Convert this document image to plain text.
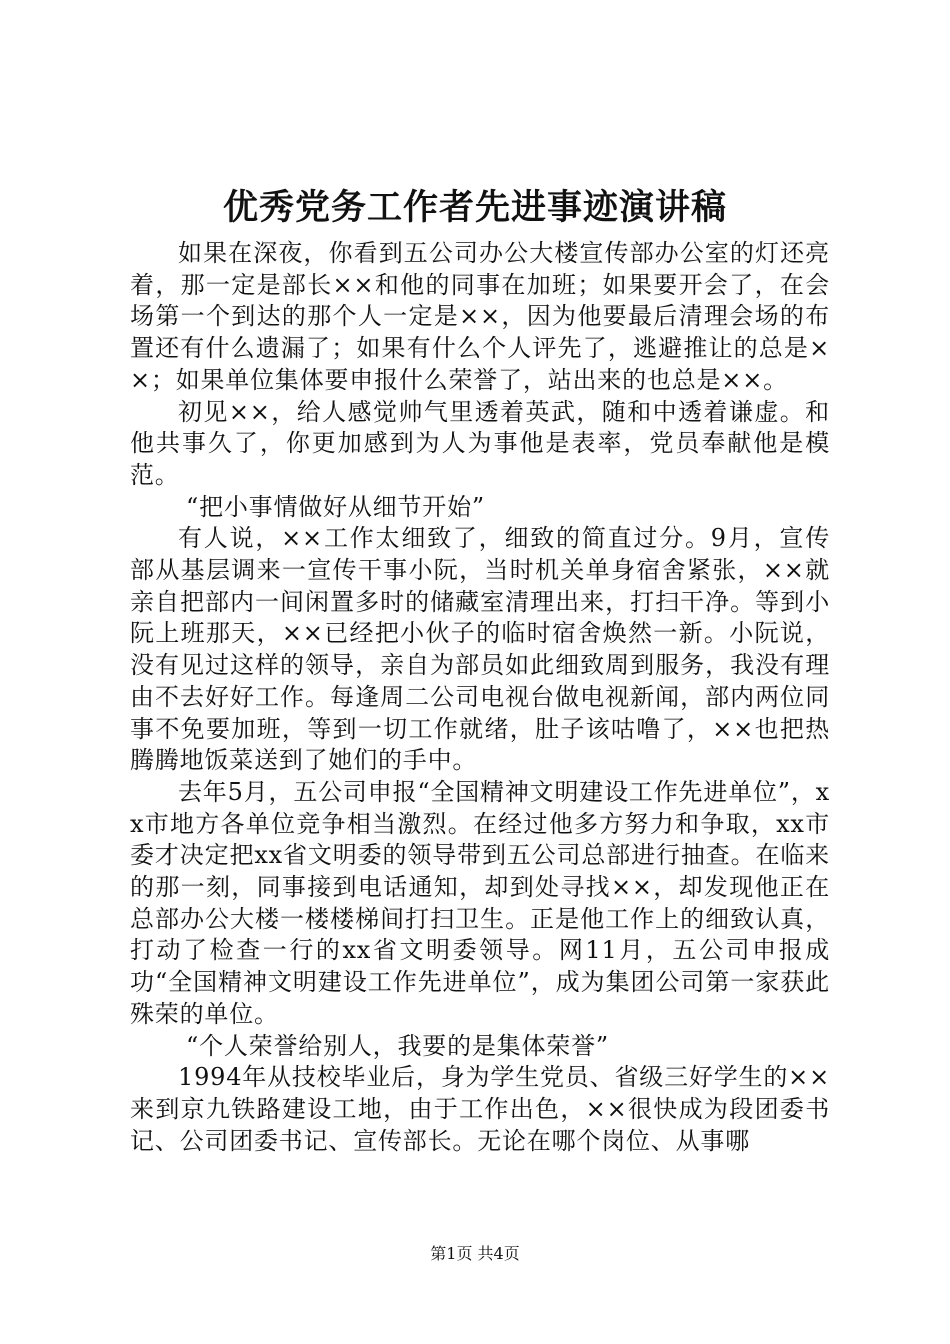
优秀党务工作者先进事迹演讲稿

如果在深夜，你看到五公司办公大楼宣传部办公室的灯还亮着，那一定是部长××和他的同事在加班；如果要开会了，在会场第一个到达的那个人一定是××，因为他要最后清理会场的布置还有什么遗漏了；如果有什么个人评先了，逃避推让的总是××；如果单位集体要申报什么荣誉了，站出来的也总是××。

初见××，给人感觉帅气里透着英武，随和中透着谦虚。和他共事久了，你更加感到为人为事他是表率，党员奉献他是模范。

“把小事情做好从细节开始”

有人说，××工作太细致了，细致的简直过分。9月，宣传部从基层调来一宣传干事小阮，当时机关单身宿舍紧张，××就亲自把部内一间闲置多时的储藏室清理出来，打扫干净。等到小阮上班那天，××已经把小伙子的临时宿舍焕然一新。小阮说，没有见过这样的领导，亲自为部员如此细致周到服务，我没有理由不去好好工作。每逢周二公司电视台做电视新闻，部内两位同事不免要加班，等到一切工作就绪，肚子该咕噜了，××也把热腾腾地饭菜送到了她们的手中。

去年5月，五公司申报“全国精神文明建设工作先进单位”，xx市地方各单位竞争相当激烈。在经过他多方努力和争取，xx市委才决定把xx省文明委的领导带到五公司总部进行抽查。在临来的那一刻，同事接到电话通知，却到处寻找××，却发现他正在总部办公大楼一楼楼梯间打扫卫生。正是他工作上的细致认真，打动了检查一行的xx省文明委领导。网11月，五公司申报成功“全国精神文明建设工作先进单位”，成为集团公司第一家获此殊荣的单位。

“个人荣誉给别人，我要的是集体荣誉”

1994年从技校毕业后，身为学生党员、省级三好学生的××来到京九铁路建设工地，由于工作出色，××很快成为段团委书记、公司团委书记、宣传部长。无论在哪个岗位、从事哪

第1页 共4页
